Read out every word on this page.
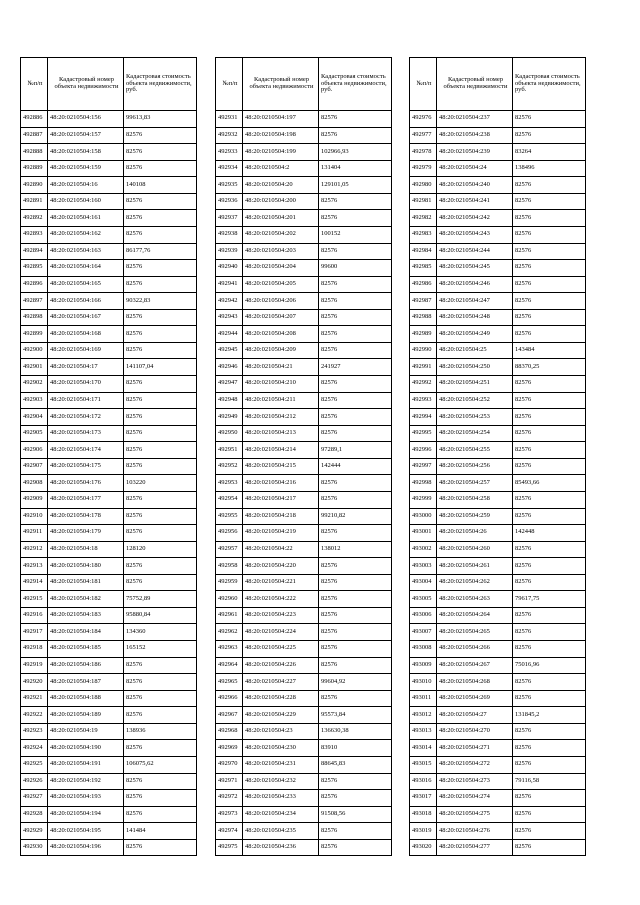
№п/п	Кадастровый номер объекта недвижимости	Кадастровая стоимость объекта недвижимости, руб.
492886	48:20:0210504:156	99613,83
492887	48:20:0210504:157	82576
492888	48:20:0210504:158	82576
492889	48:20:0210504:159	82576
492890	48:20:0210504:16	140108
492891	48:20:0210504:160	82576
492892	48:20:0210504:161	82576
492893	48:20:0210504:162	82576
492894	48:20:0210504:163	86177,76
492895	48:20:0210504:164	82576
492896	48:20:0210504:165	82576
492897	48:20:0210504:166	90322,83
492898	48:20:0210504:167	82576
492899	48:20:0210504:168	82576
492900	48:20:0210504:169	82576
492901	48:20:0210504:17	141107,04
492902	48:20:0210504:170	82576
492903	48:20:0210504:171	82576
492904	48:20:0210504:172	82576
492905	48:20:0210504:173	82576
492906	48:20:0210504:174	82576
492907	48:20:0210504:175	82576
492908	48:20:0210504:176	103220
492909	48:20:0210504:177	82576
492910	48:20:0210504:178	82576
492911	48:20:0210504:179	82576
492912	48:20:0210504:18	128120
492913	48:20:0210504:180	82576
492914	48:20:0210504:181	82576
492915	48:20:0210504:182	75752,89
492916	48:20:0210504:183	95880,84
492917	48:20:0210504:184	134360
492918	48:20:0210504:185	165152
492919	48:20:0210504:186	82576
492920	48:20:0210504:187	82576
492921	48:20:0210504:188	82576
492922	48:20:0210504:189	82576
492923	48:20:0210504:19	138936
492924	48:20:0210504:190	82576
492925	48:20:0210504:191	106075,62
492926	48:20:0210504:192	82576
492927	48:20:0210504:193	82576
492928	48:20:0210504:194	82576
492929	48:20:0210504:195	141484
492930	48:20:0210504:196	82576
№п/п	Кадастровый номер объекта недвижимости	Кадастровая стоимость объекта недвижимости, руб.
492931	48:20:0210504:197	82576
492932	48:20:0210504:198	82576
492933	48:20:0210504:199	102966,93
492934	48:20:0210504:2	131404
492935	48:20:0210504:20	129101,05
492936	48:20:0210504:200	82576
492937	48:20:0210504:201	82576
492938	48:20:0210504:202	100152
492939	48:20:0210504:203	82576
492940	48:20:0210504:204	99600
492941	48:20:0210504:205	82576
492942	48:20:0210504:206	82576
492943	48:20:0210504:207	82576
492944	48:20:0210504:208	82576
492945	48:20:0210504:209	82576
492946	48:20:0210504:21	241927
492947	48:20:0210504:210	82576
492948	48:20:0210504:211	82576
492949	48:20:0210504:212	82576
492950	48:20:0210504:213	82576
492951	48:20:0210504:214	97289,1
492952	48:20:0210504:215	142444
492953	48:20:0210504:216	82576
492954	48:20:0210504:217	82576
492955	48:20:0210504:218	99210,82
492956	48:20:0210504:219	82576
492957	48:20:0210504:22	138012
492958	48:20:0210504:220	82576
492959	48:20:0210504:221	82576
492960	48:20:0210504:222	82576
492961	48:20:0210504:223	82576
492962	48:20:0210504:224	82576
492963	48:20:0210504:225	82576
492964	48:20:0210504:226	82576
492965	48:20:0210504:227	99604,92
492966	48:20:0210504:228	82576
492967	48:20:0210504:229	95573,84
492968	48:20:0210504:23	136630,38
492969	48:20:0210504:230	83910
492970	48:20:0210504:231	88645,83
492971	48:20:0210504:232	82576
492972	48:20:0210504:233	82576
492973	48:20:0210504:234	91508,56
492974	48:20:0210504:235	82576
492975	48:20:0210504:236	82576
№п/п	Кадастровый номер объекта недвижимости	Кадастровая стоимость объекта недвижимости, руб.
492976	48:20:0210504:237	82576
492977	48:20:0210504:238	82576
492978	48:20:0210504:239	83264
492979	48:20:0210504:24	138496
492980	48:20:0210504:240	82576
492981	48:20:0210504:241	82576
492982	48:20:0210504:242	82576
492983	48:20:0210504:243	82576
492984	48:20:0210504:244	82576
492985	48:20:0210504:245	82576
492986	48:20:0210504:246	82576
492987	48:20:0210504:247	82576
492988	48:20:0210504:248	82576
492989	48:20:0210504:249	82576
492990	48:20:0210504:25	143484
492991	48:20:0210504:250	88370,25
492992	48:20:0210504:251	82576
492993	48:20:0210504:252	82576
492994	48:20:0210504:253	82576
492995	48:20:0210504:254	82576
492996	48:20:0210504:255	82576
492997	48:20:0210504:256	82576
492998	48:20:0210504:257	85493,66
492999	48:20:0210504:258	82576
493000	48:20:0210504:259	82576
493001	48:20:0210504:26	142448
493002	48:20:0210504:260	82576
493003	48:20:0210504:261	82576
493004	48:20:0210504:262	82576
493005	48:20:0210504:263	79617,75
493006	48:20:0210504:264	82576
493007	48:20:0210504:265	82576
493008	48:20:0210504:266	82576
493009	48:20:0210504:267	75016,96
493010	48:20:0210504:268	82576
493011	48:20:0210504:269	82576
493012	48:20:0210504:27	131845,2
493013	48:20:0210504:270	82576
493014	48:20:0210504:271	82576
493015	48:20:0210504:272	82576
493016	48:20:0210504:273	79116,58
493017	48:20:0210504:274	82576
493018	48:20:0210504:275	82576
493019	48:20:0210504:276	82576
493020	48:20:0210504:277	82576
